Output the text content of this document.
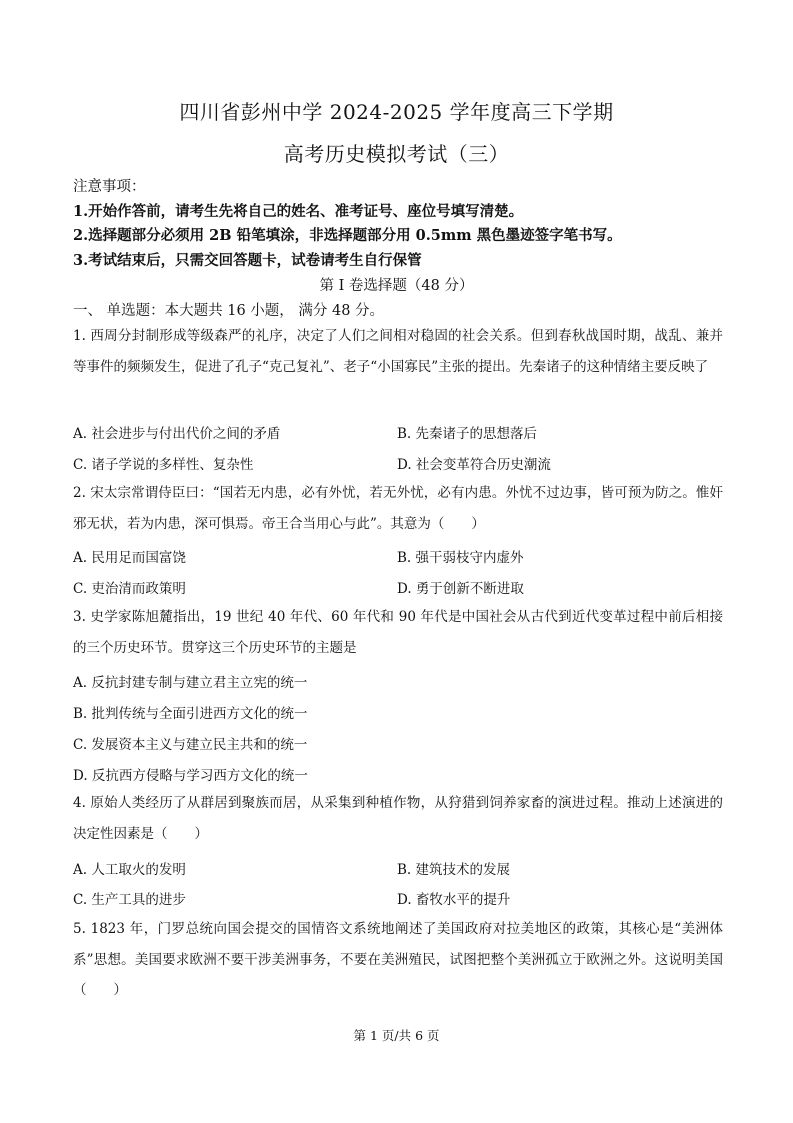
四川省彭州中学 2024-2025 学年度高三下学期
高考历史模拟考试（三）
注意事项：
1.开始作答前，请考生先将自己的姓名、准考证号、座位号填写清楚。
2.选择题部分必须用 2B 铅笔填涂，非选择题部分用 0.5mm 黑色墨迹签字笔书写。
3.考试结束后，只需交回答题卡，试卷请考生自行保管
第 I 卷选择题（48 分）
一、 单选题：本大题共 16 小题， 满分 48 分。
1. 西周分封制形成等级森严的礼序，决定了人们之间相对稳固的社会关系。但到春秋战国时期，战乱、兼并等事件的频频发生，促进了孔子“克己复礼”、老子“小国寡民”主张的提出。先秦诸子的这种情绪主要反映了
A. 社会进步与付出代价之间的矛盾	B. 先秦诸子的思想落后
C. 诸子学说的多样性、复杂性	D. 社会变革符合历史潮流
2. 宋太宗常谓侍臣曰：“国若无内患，必有外忧，若无外忧，必有内患。外忧不过边事，皆可预为防之。惟奸邪无状，若为内患，深可惧焉。帝王合当用心与此”。其意为（　　）
A. 民用足而国富饶	B. 强干弱枝守内虚外
C. 吏治清而政策明	D. 勇于创新不断进取
3. 史学家陈旭麓指出，19 世纪 40 年代、60 年代和 90 年代是中国社会从古代到近代变革过程中前后相接的三个历史环节。贯穿这三个历史环节的主题是
A. 反抗封建专制与建立君主立宪的统一
B. 批判传统与全面引进西方文化的统一
C. 发展资本主义与建立民主共和的统一
D. 反抗西方侵略与学习西方文化的统一
4. 原始人类经历了从群居到聚族而居，从采集到种植作物，从狩猎到饲养家畜的演进过程。推动上述演进的决定性因素是（　　）
A. 人工取火的发明	B. 建筑技术的发展
C. 生产工具的进步	D. 畜牧水平的提升
5. 1823 年，门罗总统向国会提交的国情咨文系统地阐述了美国政府对拉美地区的政策，其核心是“美洲体系”思想。美国要求欧洲不要干涉美洲事务，不要在美洲殖民，试图把整个美洲孤立于欧洲之外。这说明美国（　　）
第 1 页/共 6 页
